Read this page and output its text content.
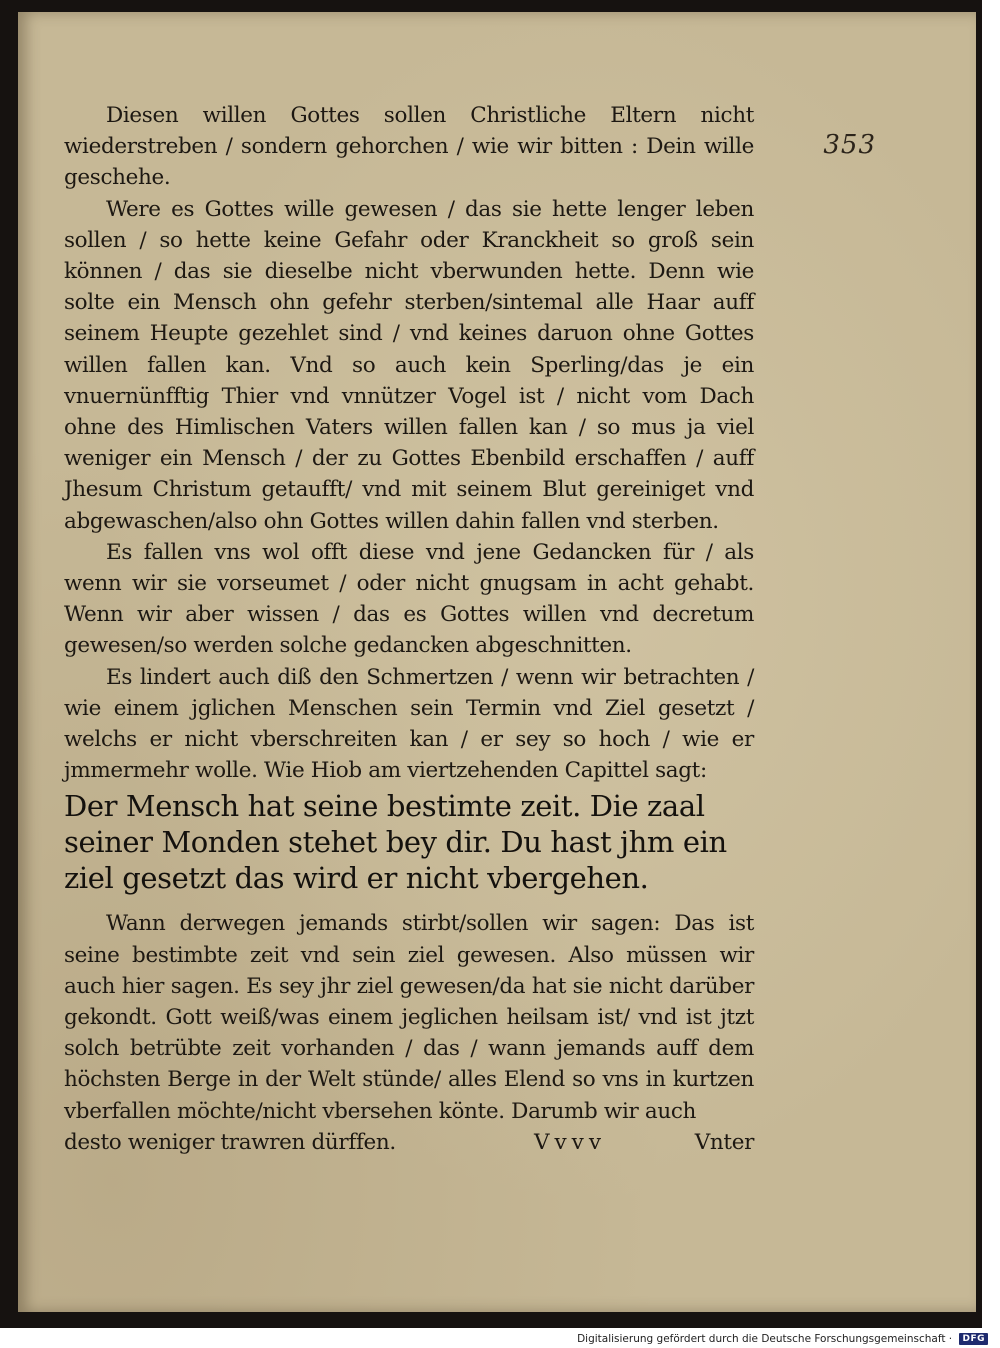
353

Diesen willen Gottes sollen Christliche Eltern nicht wiederstreben / sondern gehorchen / wie wir bitten : Dein wille geschehe.

Were es Gottes wille gewesen / das sie hette lenger leben sollen / so hette keine Gefahr oder Kranckheit so groß sein können / das sie dieselbe nicht vberwunden hette. Denn wie solte ein Mensch ohn gefehr sterben/sintemal alle Haar auff seinem Heupte gezehlet sind / vnd keines daruon ohne Gottes willen fallen kan. Vnd so auch kein Sperling/das je ein vnuernünfftig Thier vnd vnnützer Vogel ist / nicht vom Dach ohne des Himlischen Vaters willen fallen kan / so mus ja viel weniger ein Mensch / der zu Gottes Ebenbild erschaffen / auff Jhesum Christum getaufft/ vnd mit seinem Blut gereiniget vnd abgewaschen/also ohn Gottes willen dahin fallen vnd sterben.

Es fallen vns wol offt diese vnd jene Gedancken für / als wenn wir sie vorseumet / oder nicht gnugsam in acht gehabt. Wenn wir aber wissen / das es Gottes willen vnd decretum gewesen/so werden solche gedancken abgeschnitten.

Es lindert auch diß den Schmertzen / wenn wir betrachten / wie einem jglichen Menschen sein Termin vnd Ziel gesetzt / welchs er nicht vberschreiten kan / er sey so hoch / wie er jmmermehr wolle. Wie Hiob am viertzehenden Capittel sagt:

Der Mensch hat seine bestimte zeit. Die zaal seiner Monden stehet bey dir. Du hast jhm ein ziel gesetzt das wird er nicht vbergehen.

Wann derwegen jemands stirbt/sollen wir sagen: Das ist seine bestimbte zeit vnd sein ziel gewesen. Also müssen wir auch hier sagen. Es sey jhr ziel gewesen/da hat sie nicht darüber gekondt. Gott weiß/was einem jeglichen heilsam ist/ vnd ist jtzt solch betrübte zeit vorhanden / das / wann jemands auff dem höchsten Berge in der Welt stünde/ alles Elend so vns in kurtzen vberfallen möchte/nicht vbersehen könte. Darumb wir auch

desto weniger trawren dürffen.	Vvvv	Vnter
Digitalisierung gefördert durch die Deutsche Forschungsgemeinschaft · DFG
